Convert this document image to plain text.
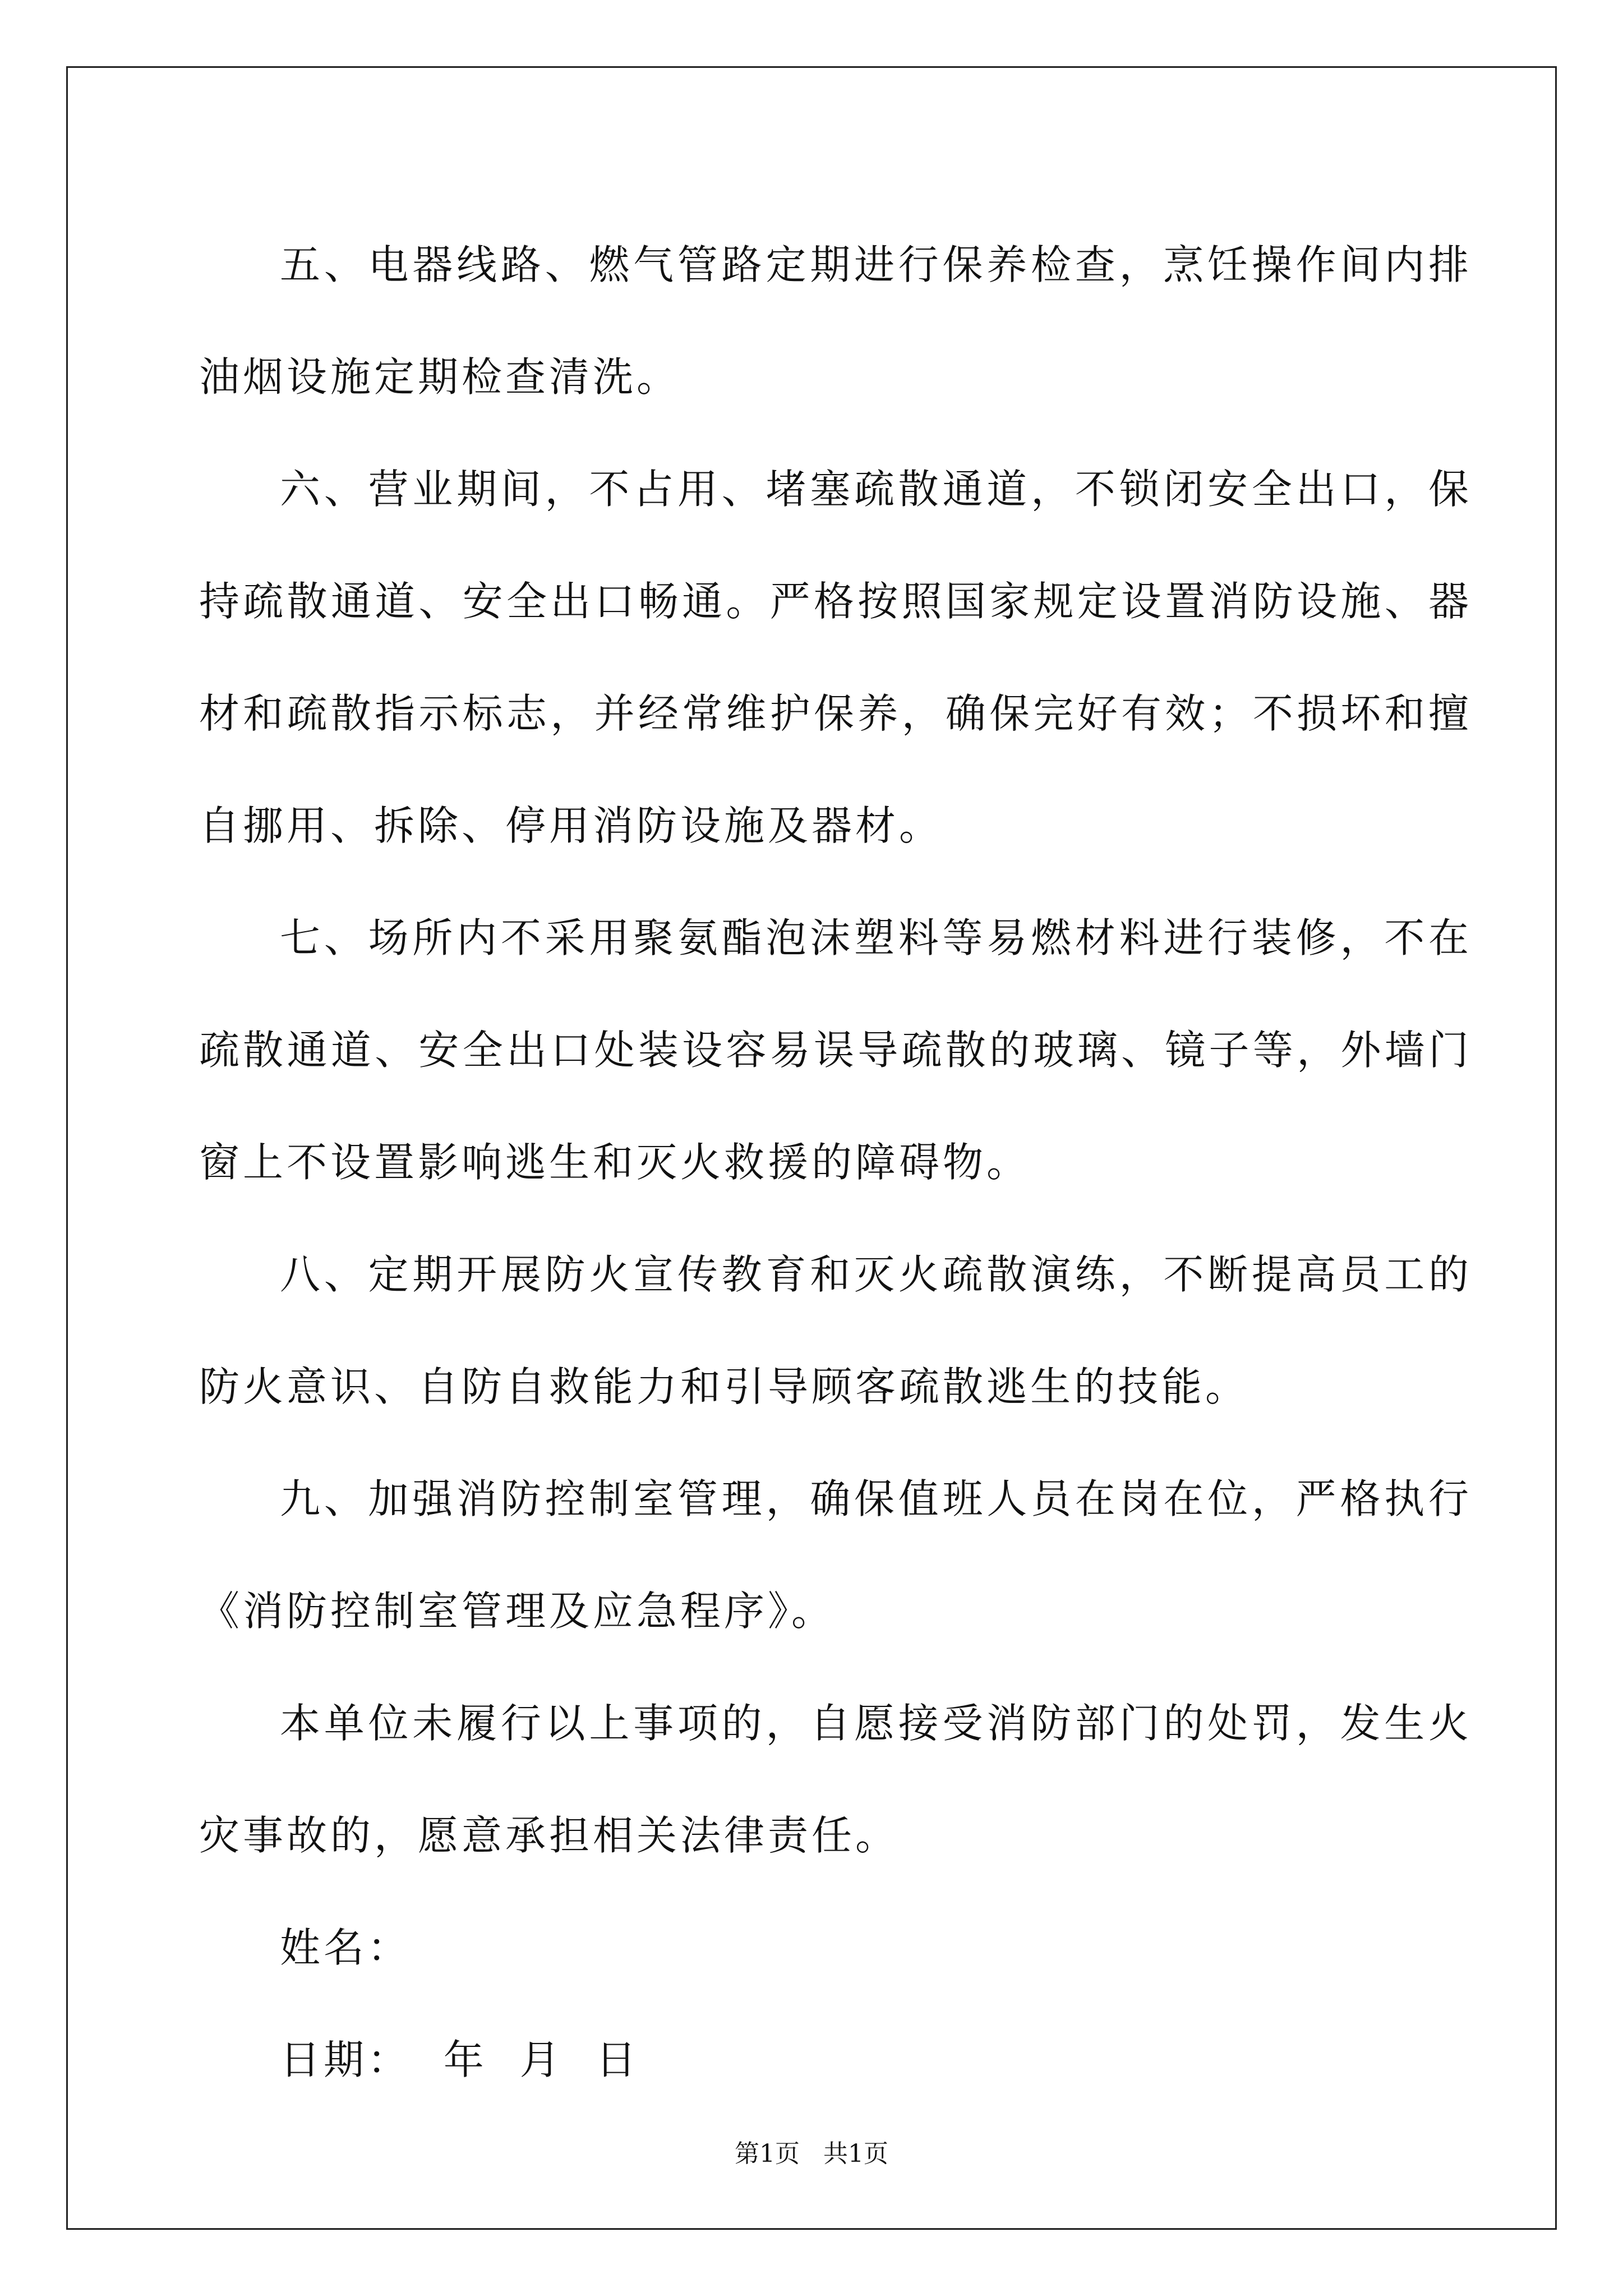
五、电器线路、燃气管路定期进行保养检查，烹饪操作间内排油烟设施定期检查清洗。

六、营业期间，不占用、堵塞疏散通道，不锁闭安全出口，保持疏散通道、安全出口畅通。严格按照国家规定设置消防设施、器材和疏散指示标志，并经常维护保养，确保完好有效；不损坏和擅自挪用、拆除、停用消防设施及器材。

七、场所内不采用聚氨酯泡沫塑料等易燃材料进行装修，不在疏散通道、安全出口处装设容易误导疏散的玻璃、镜子等，外墙门窗上不设置影响逃生和灭火救援的障碍物。

八、定期开展防火宣传教育和灭火疏散演练，不断提高员工的防火意识、自防自救能力和引导顾客疏散逃生的技能。

九、加强消防控制室管理，确保值班人员在岗在位，严格执行《消防控制室管理及应急程序》。

本单位未履行以上事项的，自愿接受消防部门的处罚，发生火灾事故的，愿意承担相关法律责任。

姓名：

日期：  年  月  日

第1页   共1页
